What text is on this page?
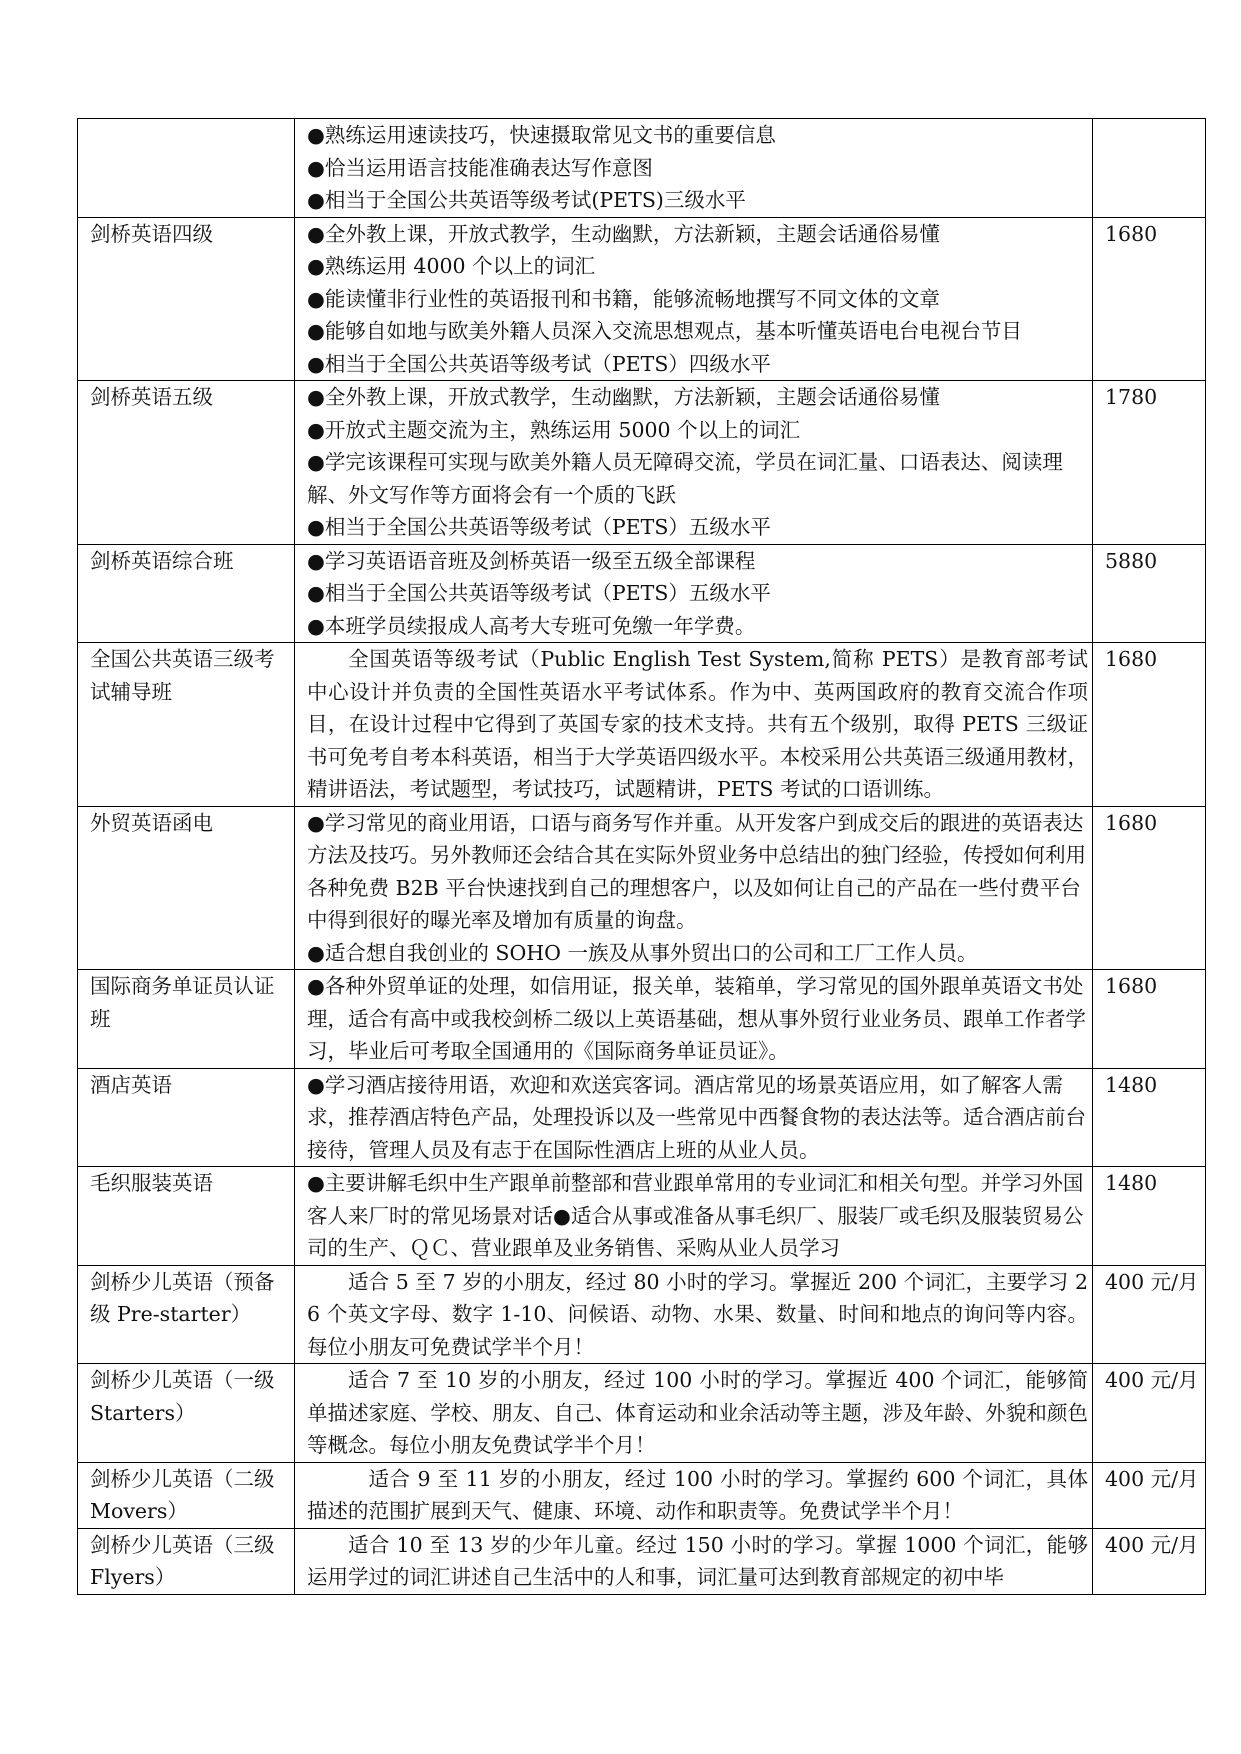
	●熟练运用速读技巧，快速摄取常见文书的重要信息
●恰当运用语言技能准确表达写作意图
●相当于全国公共英语等级考试(PETS)三级水平	

剑桥英语四级	●全外教上课，开放式教学，生动幽默，方法新颖，主题会话通俗易懂
●熟练运用 4000 个以上的词汇
●能读懂非行业性的英语报刊和书籍，能够流畅地撰写不同文体的文章
●能够自如地与欧美外籍人员深入交流思想观点，基本听懂英语电台电视台节目
●相当于全国公共英语等级考试（PETS）四级水平	1680
剑桥英语五级	●全外教上课，开放式教学，生动幽默，方法新颖，主题会话通俗易懂
●开放式主题交流为主，熟练运用 5000 个以上的词汇
●学完该课程可实现与欧美外籍人员无障碍交流，学员在词汇量、口语表达、阅读理解、外文写作等方面将会有一个质的飞跃
●相当于全国公共英语等级考试（PETS）五级水平	1780
剑桥英语综合班	●学习英语语音班及剑桥英语一级至五级全部课程
●相当于全国公共英语等级考试（PETS）五级水平
●本班学员续报成人高考大专班可免缴一年学费。	5880
全国公共英语三级考试辅导班	全国英语等级考试（Public English Test System,简称 PETS）是教育部考试中心设计并负责的全国性英语水平考试体系。作为中、英两国政府的教育交流合作项目，在设计过程中它得到了英国专家的技术支持。共有五个级别，取得 PETS 三级证书可免考自考本科英语，相当于大学英语四级水平。本校采用公共英语三级通用教材，精讲语法，考试题型，考试技巧，试题精讲，PETS 考试的口语训练。	1680
外贸英语函电	●学习常见的商业用语，口语与商务写作并重。从开发客户到成交后的跟进的英语表达方法及技巧。另外教师还会结合其在实际外贸业务中总结出的独门经验，传授如何利用各种免费 B2B 平台快速找到自己的理想客户，以及如何让自己的产品在一些付费平台中得到很好的曝光率及增加有质量的询盘。
●适合想自我创业的 SOHO 一族及从事外贸出口的公司和工厂工作人员。	1680
国际商务单证员认证班	●各种外贸单证的处理，如信用证，报关单，装箱单，学习常见的国外跟单英语文书处理，适合有高中或我校剑桥二级以上英语基础，想从事外贸行业业务员、跟单工作者学习，毕业后可考取全国通用的《国际商务单证员证》。	1680
酒店英语	●学习酒店接待用语，欢迎和欢送宾客词。酒店常见的场景英语应用，如了解客人需求，推荐酒店特色产品，处理投诉以及一些常见中西餐食物的表达法等。适合酒店前台接待，管理人员及有志于在国际性酒店上班的从业人员。	1480
毛织服装英语	●主要讲解毛织中生产跟单前整部和营业跟单常用的专业词汇和相关句型。并学习外国客人来厂时的常见场景对话●适合从事或准备从事毛织厂、服装厂或毛织及服装贸易公司的生产、ＱＣ、营业跟单及业务销售、采购从业人员学习	1480
剑桥少儿英语（预备级 Pre-starter）	适合 5 至 7 岁的小朋友，经过 80 小时的学习。掌握近 200 个词汇，主要学习 26 个英文字母、数字 1-10、问候语、动物、水果、数量、时间和地点的询问等内容。每位小朋友可免费试学半个月！	400 元/月
剑桥少儿英语（一级 Starters）	适合 7 至 10 岁的小朋友，经过 100 小时的学习。掌握近 400 个词汇，能够简单描述家庭、学校、朋友、自己、体育运动和业余活动等主题，涉及年龄、外貌和颜色等概念。每位小朋友免费试学半个月！	400 元/月
剑桥少儿英语（二级 Movers）	适合 9 至 11 岁的小朋友，经过 100 小时的学习。掌握约 600 个词汇，具体描述的范围扩展到天气、健康、环境、动作和职责等。免费试学半个月！	400 元/月
剑桥少儿英语（三级 Flyers）	适合 10 至 13 岁的少年儿童。经过 150 小时的学习。掌握 1000 个词汇，能够运用学过的词汇讲述自己生活中的人和事，词汇量可达到教育部规定的初中毕	400 元/月
